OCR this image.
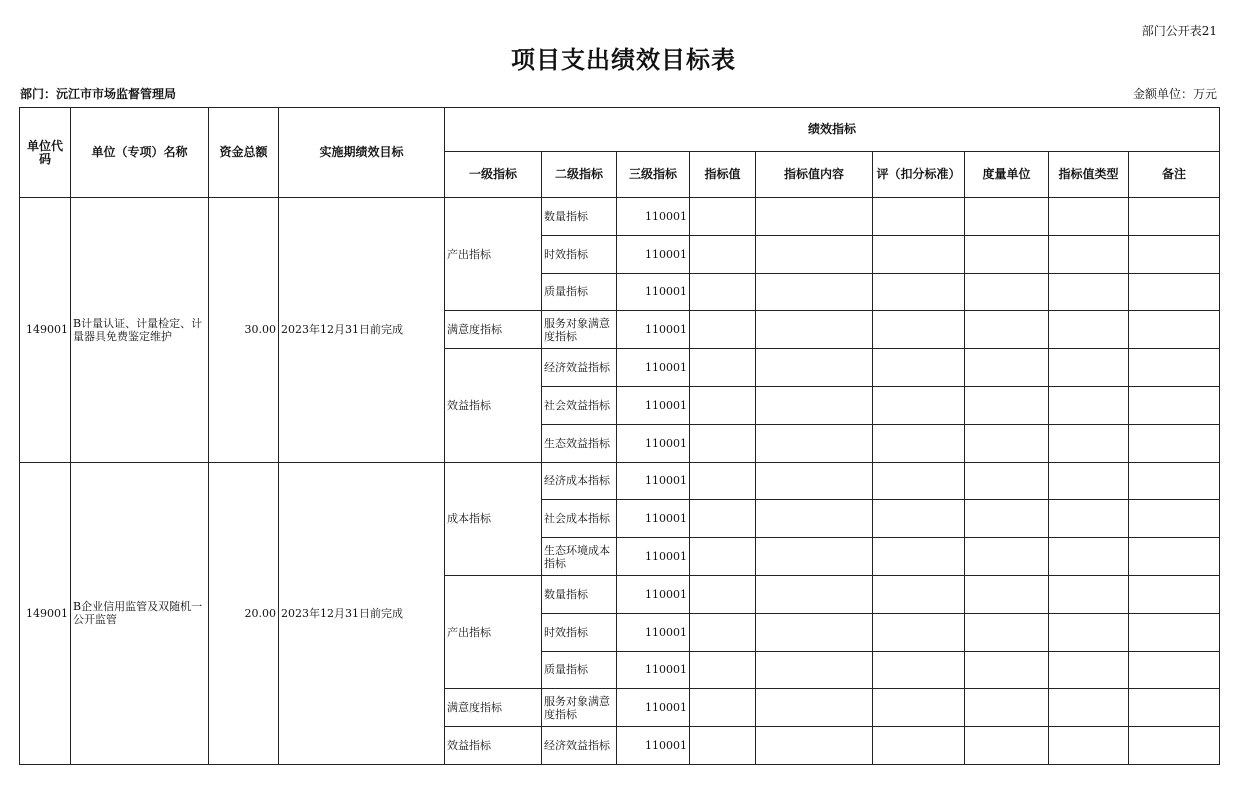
部门公开表21
项目支出绩效目标表
部门：沅江市市场监督管理局	金额单位：万元
单位代码	单位（专项）名称	资金总额	实施期绩效目标	绩效指标								
				一级指标	二级指标	三级指标	指标值	指标值内容	评（扣分标准）	度量单位	指标值类型	备注
149001	B计量认证、计量检定、计量器具免费鉴定维护	30.00	2023年12月31日前完成	产出指标	数量指标	110001						
					时效指标	110001						
					质量指标	110001						
				满意度指标	服务对象满意度指标	110001						
				效益指标	经济效益指标	110001						
					社会效益指标	110001						
					生态效益指标	110001						
149001	B企业信用监管及双随机一公开监管	20.00	2023年12月31日前完成	成本指标	经济成本指标	110001						
					社会成本指标	110001						
					生态环境成本指标	110001						
				产出指标	数量指标	110001						
					时效指标	110001						
					质量指标	110001						
				满意度指标	服务对象满意度指标	110001						
				效益指标	经济效益指标	110001						
